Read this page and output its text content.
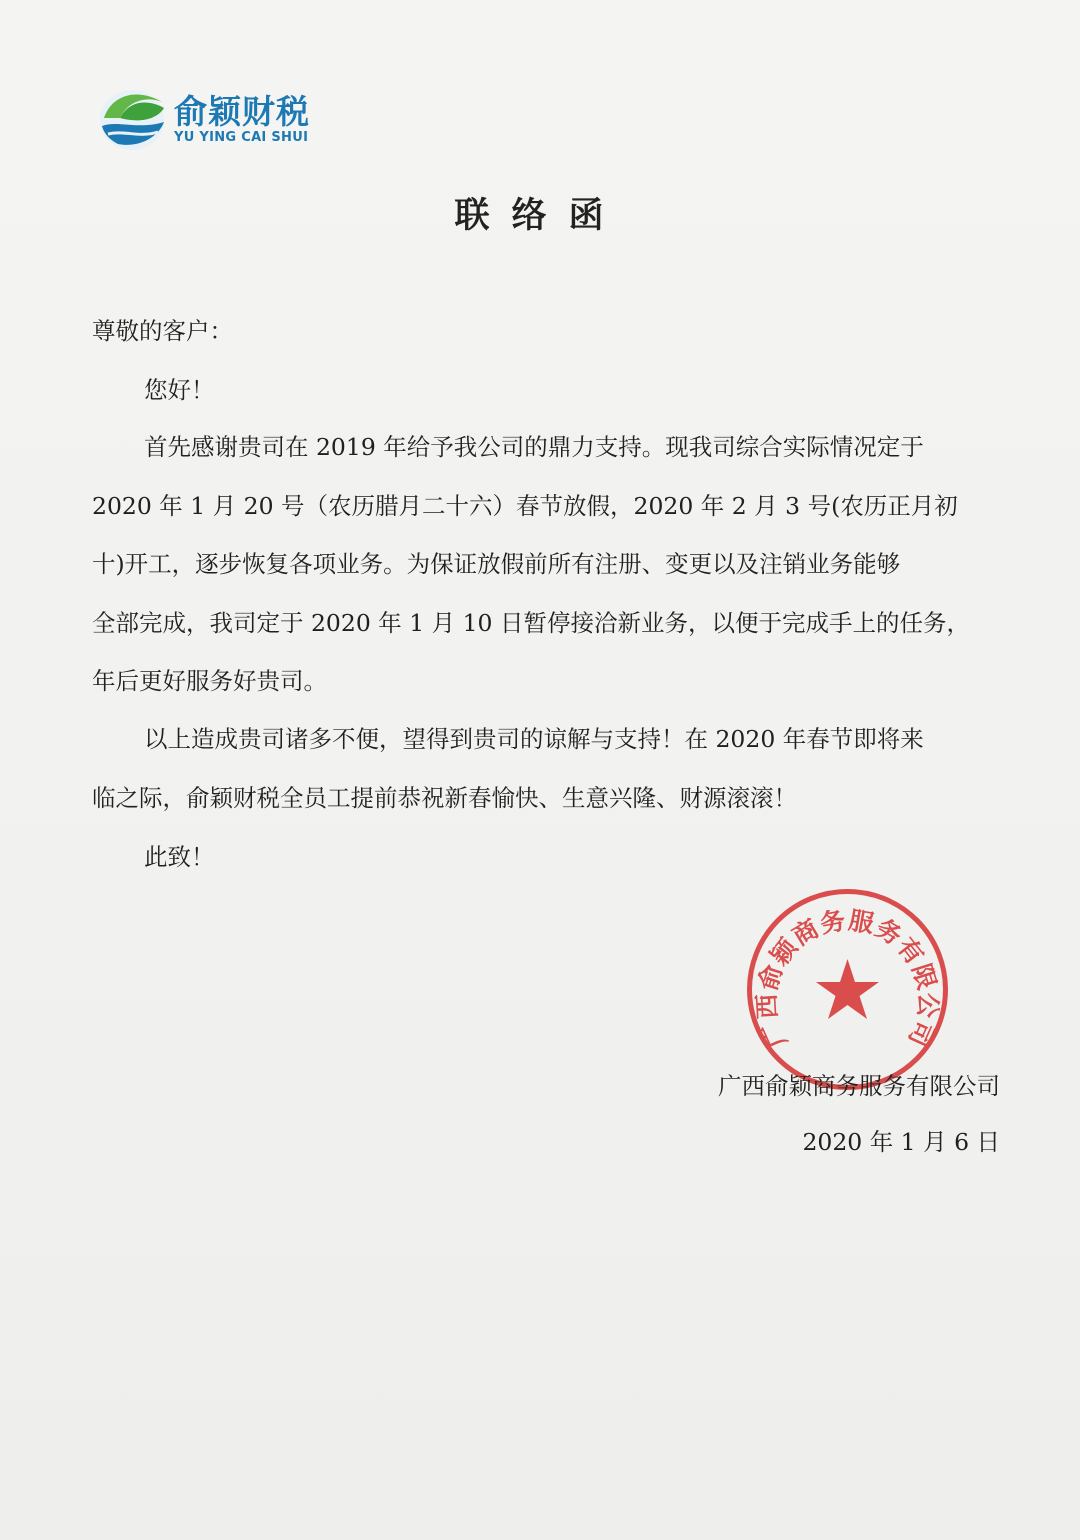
俞颖财税
YU YING CAI SHUI
联络函
尊敬的客户：
您好！
首先感谢贵司在 2019 年给予我公司的鼎力支持。现我司综合实际情况定于
2020 年 1 月 20 号（农历腊月二十六）春节放假，2020 年 2 月 3 号(农历正月初
十)开工，逐步恢复各项业务。为保证放假前所有注册、变更以及注销业务能够
全部完成，我司定于 2020 年 1 月 10 日暂停接洽新业务，以便于完成手上的任务，
年后更好服务好贵司。
以上造成贵司诸多不便，望得到贵司的谅解与支持！在 2020 年春节即将来
临之际，俞颖财税全员工提前恭祝新春愉快、生意兴隆、财源滚滚！
此致！
广西俞颖商务服务有限公司
广西俞颖商务服务有限公司
2020 年 1 月 6 日
